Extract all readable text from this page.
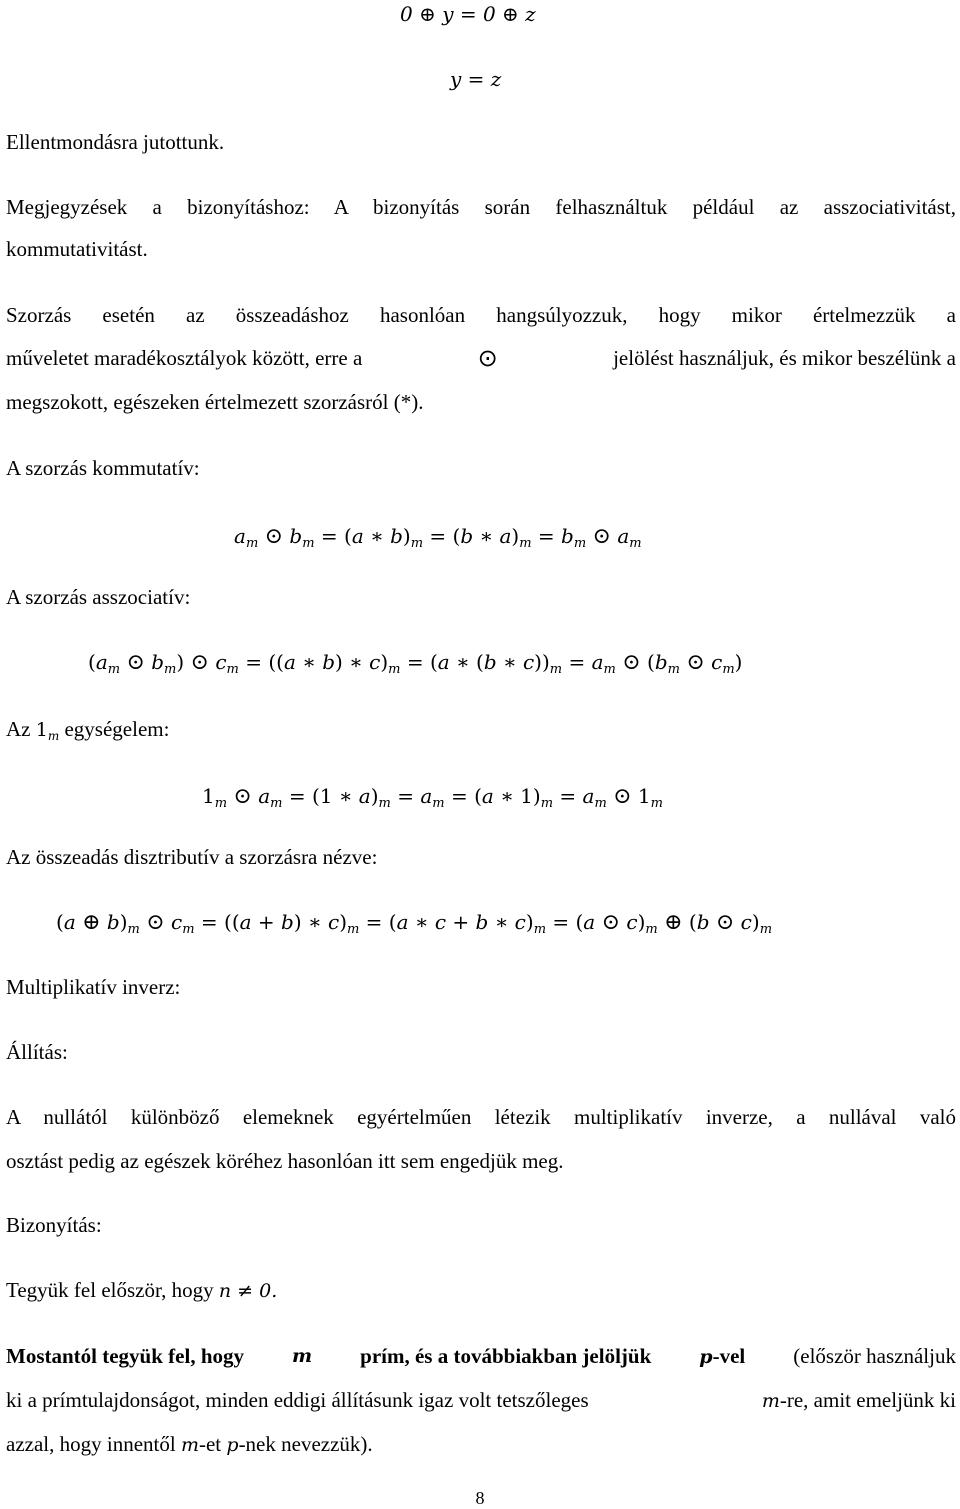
0 ⊕ y = 0 ⊕ z
y = z
Ellentmondásra jutottunk.
Megjegyzések a bizonyításhoz: A bizonyítás során felhasználtuk például az asszociativitást,
kommutativitást.
Szorzás esetén az összeadáshoz hasonlóan hangsúlyozzuk, hogy mikor értelmezzük a
műveletet maradékosztályok között, erre a	⊙	jelölést használjuk, és mikor beszélünk a
megszokott, egészeken értelmezett szorzásról (*).
A szorzás kommutatív:
$a_m$ ⊙ $b_m = (a$ ∗ $b)_m = (b$ ∗ $a)_m = b_m$ ⊙ $a_m$
A szorzás asszociatív:
($a_m$ ⊙ $b_m$) ⊙ $c_m = ((a$ ∗ b) ∗ $c)_m = (a$ ∗ (b ∗ $c))_m = a_m$ ⊙ ($b_m$ ⊙ $c_m$)
Az $1_m$ egységelem:
$1_m$ ⊙ $a_m = (1$ ∗ $a)_m = a_m = (a$ ∗ $1)_m = a_m$ ⊙ $1_m$
Az összeadás disztributív a szorzásra nézve:
(a ⊕ $b)_m$ ⊙ $c_m = ((a + b)$ ∗ $c)_m = (a$ ∗ c + b ∗ $c)_m = (a$ ⊙ $c)_m$ ⊕ (b ⊙ $c)_m$
Multiplikatív inverz:
Állítás:
A nullától különböző elemeknek egyértelműen létezik multiplikatív inverze, a nullával való
osztást pedig az egészek köréhez hasonlóan itt sem engedjük meg.
Bizonyítás:
Tegyük fel először, hogy n ≠ 0.
Mostantól tegyük fel, hogy	m prím, és a továbbiakban jelöljük	p-vel (először használjuk
ki a prímtulajdonságot, minden eddigi állításunk igaz volt tetszőleges	m-re, amit emeljünk ki
azzal, hogy innentől m-et p-nek nevezzük).
8
